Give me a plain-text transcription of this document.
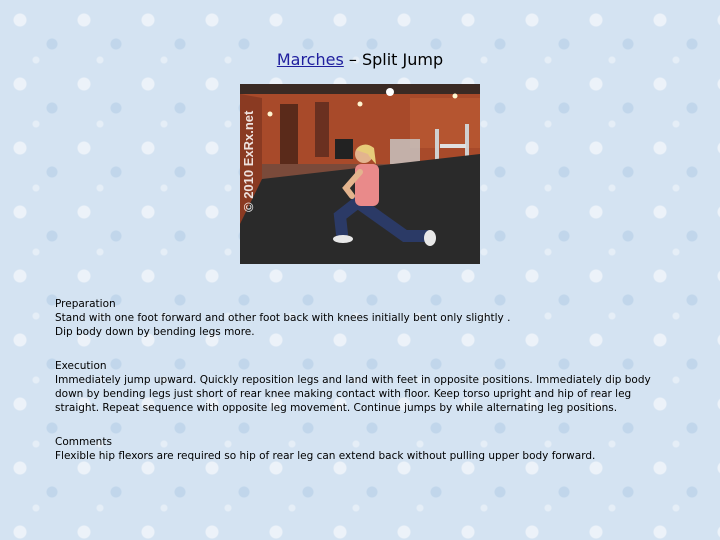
Marches – Split Jump
© 2010 ExRx.net

Preparation

Stand with one foot forward and other foot back with knees initially bent only slightly .

Dip body down by bending legs more.

Execution

Immediately jump upward. Quickly reposition legs and land with feet in opposite positions. Immediately dip body down by bending legs just short of rear knee making contact with floor. Keep torso upright and hip of rear leg straight. Repeat sequence with opposite leg movement. Continue jumps by while alternating leg positions.

Comments

Flexible hip flexors are required so hip of rear leg can extend back without pulling upper body forward.
